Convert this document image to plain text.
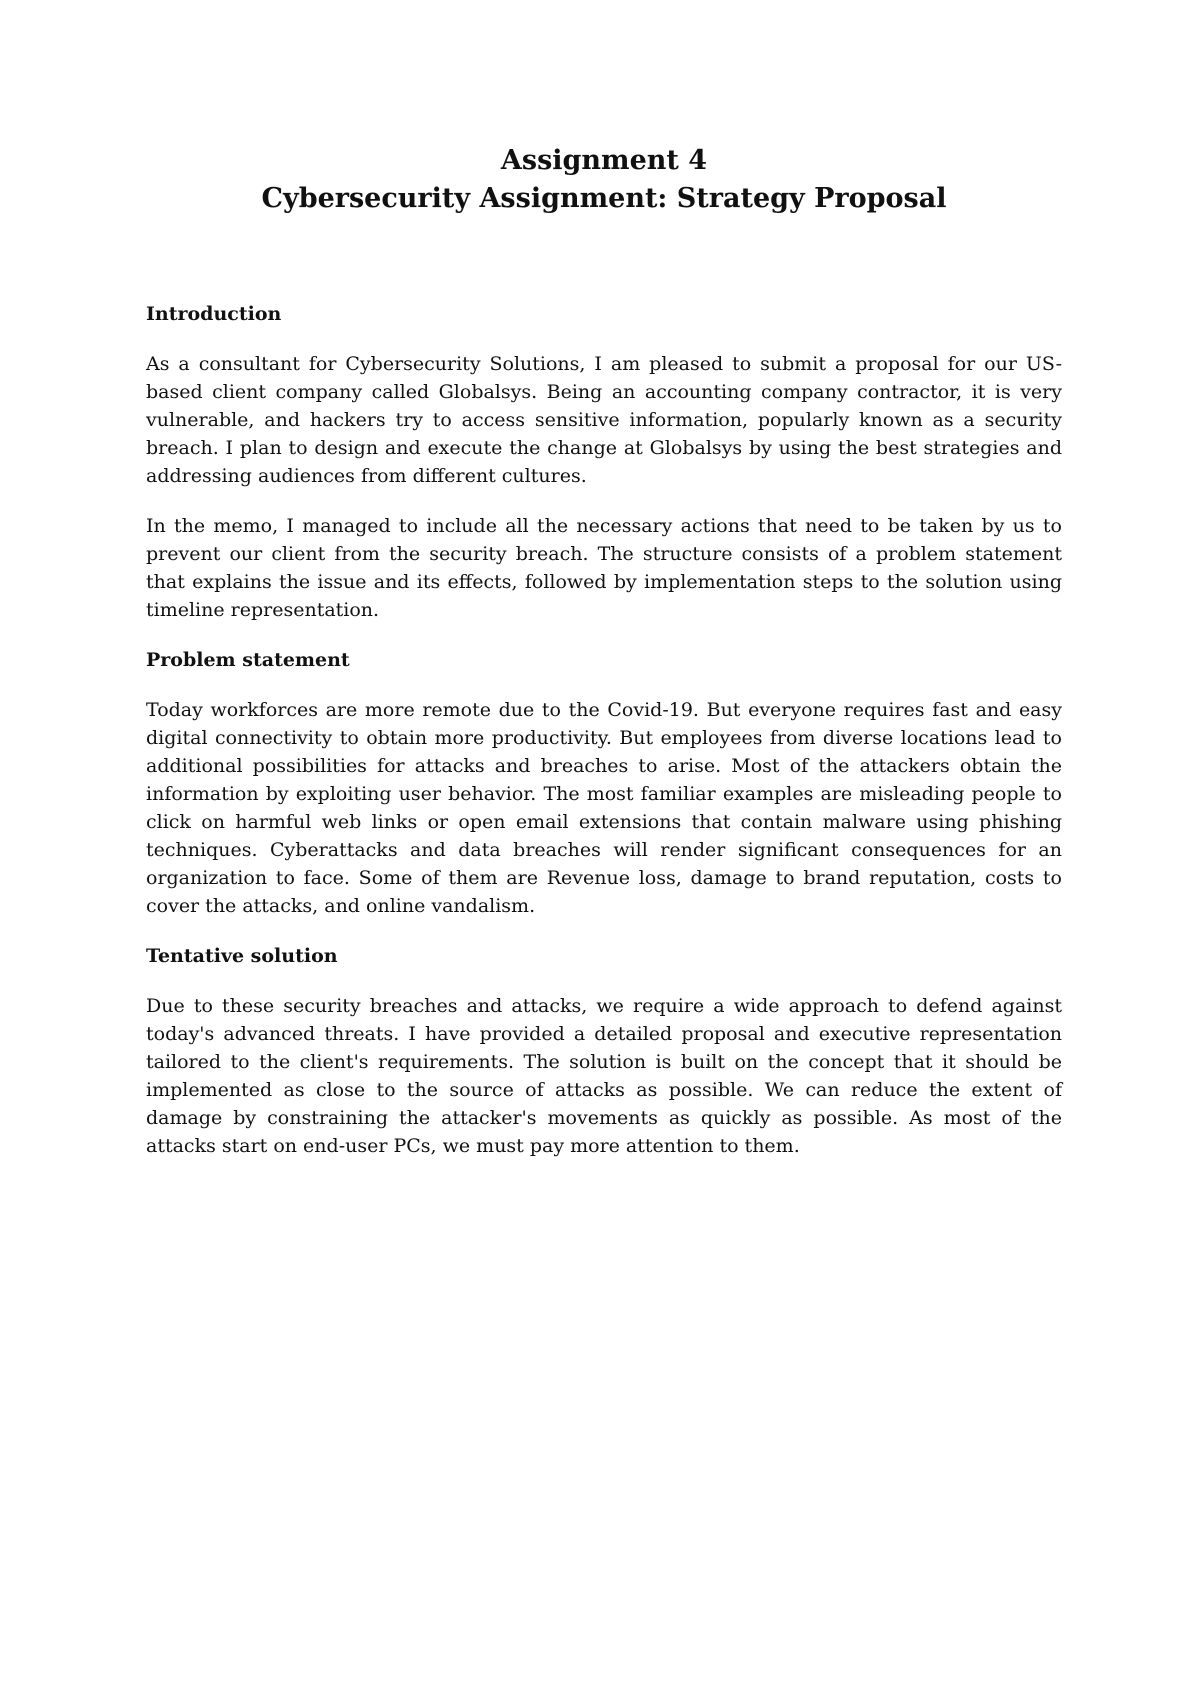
Assignment 4

Cybersecurity Assignment: Strategy Proposal

Introduction

As a consultant for Cybersecurity Solutions, I am pleased to submit a proposal for our US-based client company called Globalsys. Being an accounting company contractor, it is very vulnerable, and hackers try to access sensitive information, popularly known as a security breach. I plan to design and execute the change at Globalsys by using the best strategies and addressing audiences from different cultures.

In the memo, I managed to include all the necessary actions that need to be taken by us to prevent our client from the security breach. The structure consists of a problem statement that explains the issue and its effects, followed by implementation steps to the solution using timeline representation.

Problem statement

Today workforces are more remote due to the Covid-19. But everyone requires fast and easy digital connectivity to obtain more productivity. But employees from diverse locations lead to additional possibilities for attacks and breaches to arise. Most of the attackers obtain the information by exploiting user behavior. The most familiar examples are misleading people to click on harmful web links or open email extensions that contain malware using phishing techniques. Cyberattacks and data breaches will render significant consequences for an organization to face. Some of them are Revenue loss, damage to brand reputation, costs to cover the attacks, and online vandalism.

Tentative solution

Due to these security breaches and attacks, we require a wide approach to defend against today's advanced threats. I have provided a detailed proposal and executive representation tailored to the client's requirements. The solution is built on the concept that it should be implemented as close to the source of attacks as possible. We can reduce the extent of damage by constraining the attacker's movements as quickly as possible. As most of the attacks start on end-user PCs, we must pay more attention to them.
